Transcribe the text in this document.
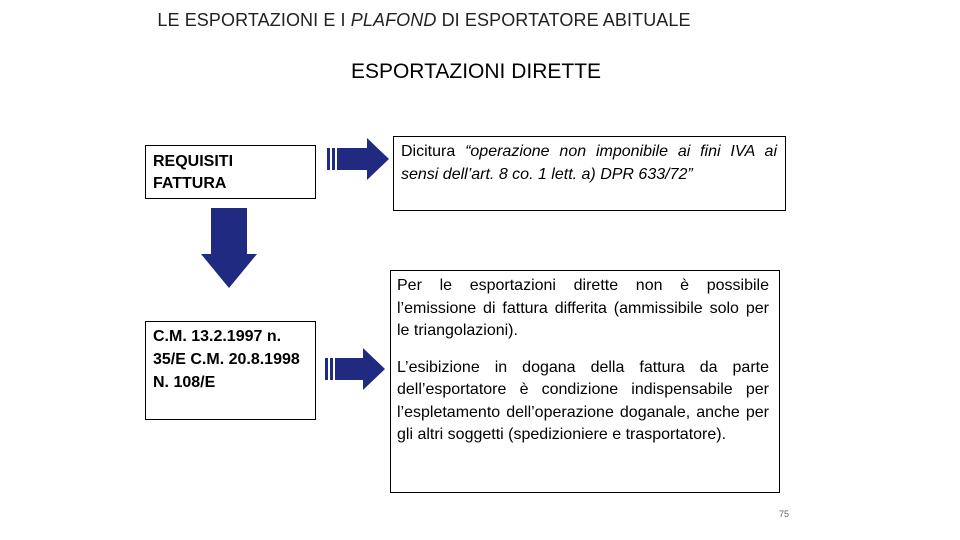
LE ESPORTAZIONI E I PLAFOND DI ESPORTATORE ABITUALE
ESPORTAZIONI DIRETTE
REQUISITI
FATTURA
Dicitura “operazione non imponibile ai fini IVA ai sensi dell’art. 8 co. 1 lett. a) DPR 633/72”
C.M. 13.2.1997 n. 35/E C.M. 20.8.1998 N. 108/E
Per le esportazioni dirette non è possibile l’emissione di fattura differita (ammissibile solo per le triangolazioni).
L’esibizione in dogana della fattura da parte dell’esportatore è condizione indispensabile per l’espletamento dell’operazione doganale, anche per gli altri soggetti (spedizioniere e trasportatore).
75
